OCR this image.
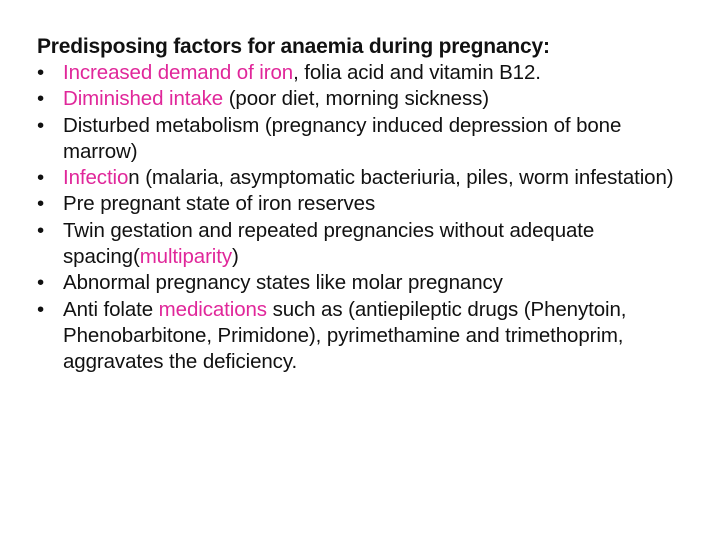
Predisposing factors for anaemia during pregnancy:

• Increased demand of iron, folia acid and vitamin B12.
• Diminished intake (poor diet, morning sickness)
• Disturbed metabolism (pregnancy induced depression of bone marrow)
• Infection (malaria, asymptomatic bacteriuria, piles, worm infestation)
• Pre pregnant state of iron reserves
• Twin gestation and repeated pregnancies without adequate spacing(multiparity)
• Abnormal pregnancy states like molar pregnancy
• Anti folate medications such as (antiepileptic drugs (Phenytoin, Phenobarbitone, Primidone), pyrimethamine and trimethoprim, aggravates the deficiency.
